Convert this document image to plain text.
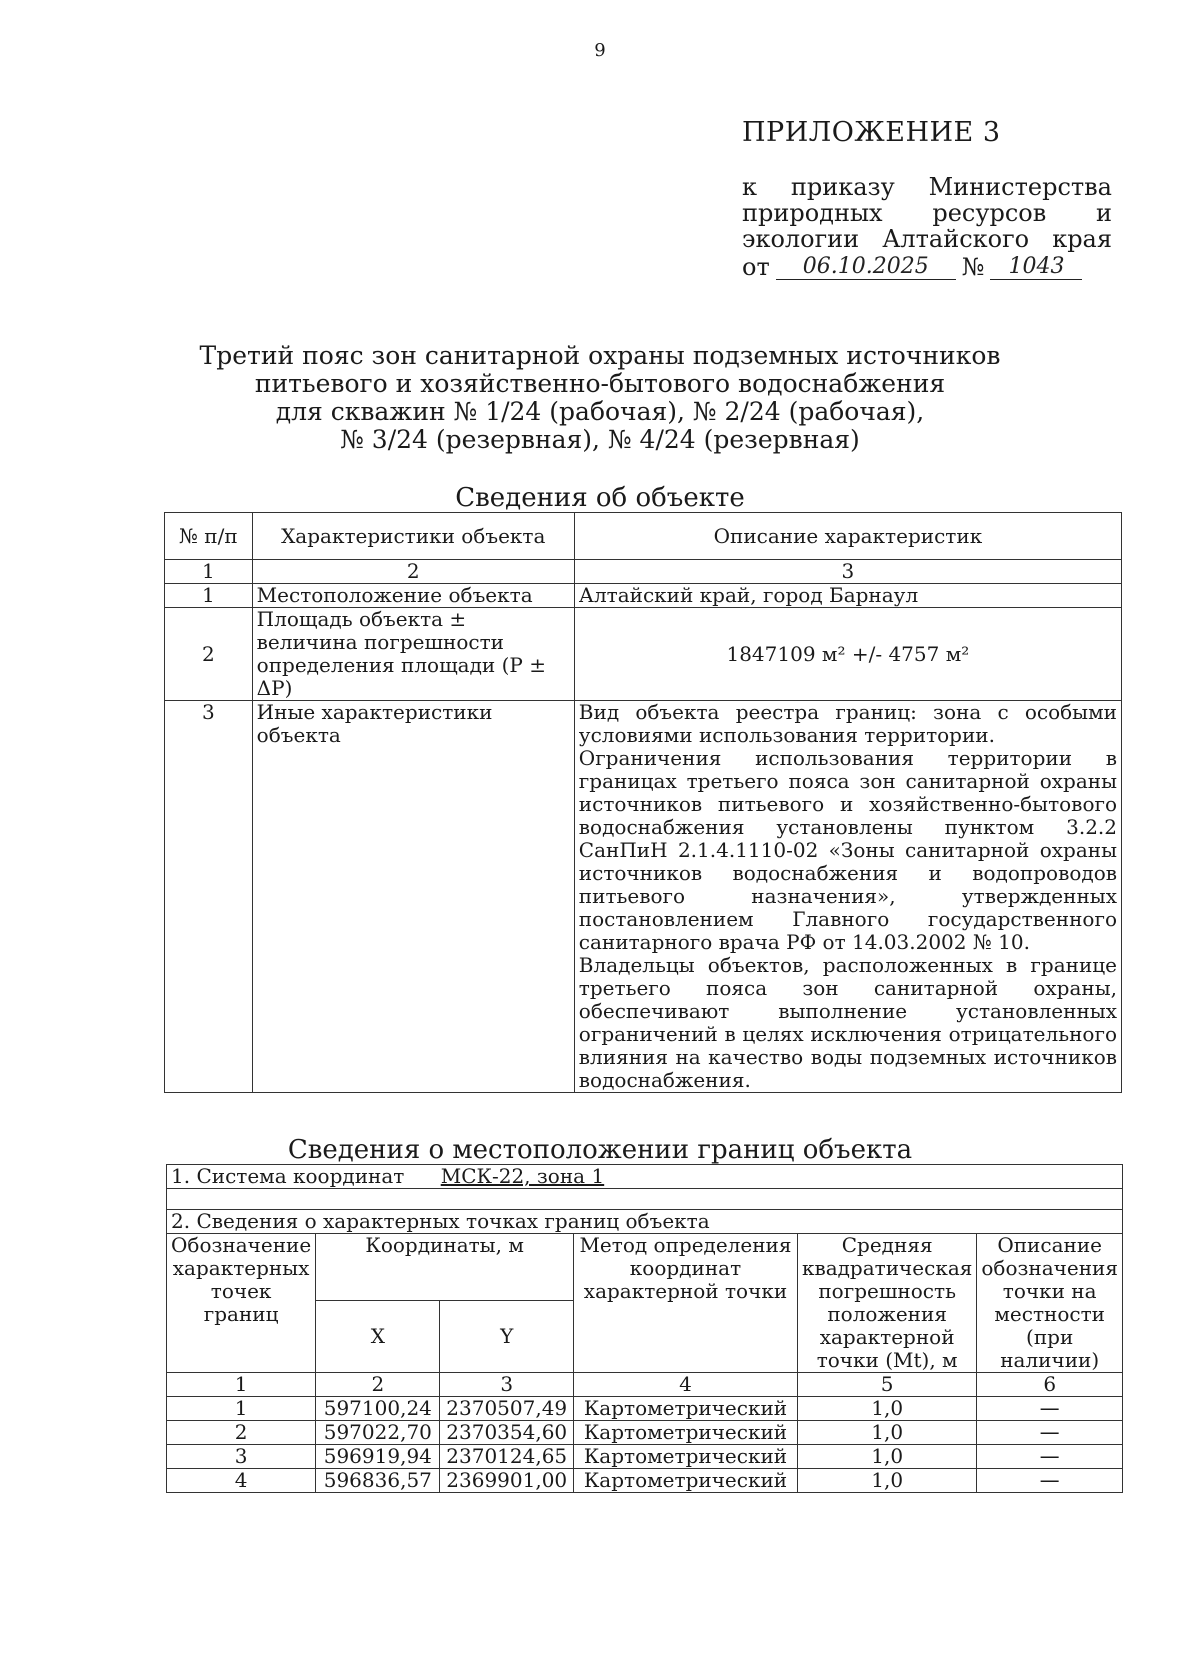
9
ПРИЛОЖЕНИЕ 3
к приказу Министерства природных ресурсов и экологии Алтайского края
от	06.10.2025	№	1043
Третий пояс зон санитарной охраны подземных источников
питьевого и хозяйственно-бытового водоснабжения
для скважин № 1/24 (рабочая), № 2/24 (рабочая),
№ 3/24 (резервная), № 4/24 (резервная)
Сведения об объекте
№ п/п	Характеристики объекта	Описание характеристик
1	2	3
1	Местоположение объекта	Алтайский край, город Барнаул
2	Площадь объекта ± величина погрешности определения площади (P ± ΔP)	1847109 м² +/- 4757 м²
3	Иные характеристики объекта	Вид объекта реестра границ: зона с особыми условиями использования территории.
Ограничения использования территории в границах третьего пояса зон санитарной охраны источников питьевого и хозяйственно-бытового водоснабжения установлены пунктом 3.2.2 СанПиН 2.1.4.1110-02 «Зоны санитарной охраны источников водоснабжения и водопроводов питьевого назначения», утвержденных постановлением Главного государственного санитарного врача РФ от 14.03.2002 № 10.
Владельцы объектов, расположенных в границе третьего пояса зон санитарной охраны, обеспечивают выполнение установленных ограничений в целях исключения отрицательного влияния на качество воды подземных источников водоснабжения.
Сведения о местоположении границ объекта
1. Система координат МСК-22, зона 1					

2. Сведения о характерных точках границ объекта					
Обозначение характерных точек границ	Координаты, м		Метод определения координат характерной точки	Средняя квадратическая погрешность положения характерной точки (Mt), м	Описание обозначения точки на местности (при наличии)
	X	Y			
1	2	3	4	5	6
1	597100,24	2370507,49	Картометрический	1,0	—
2	597022,70	2370354,60	Картометрический	1,0	—
3	596919,94	2370124,65	Картометрический	1,0	—
4	596836,57	2369901,00	Картометрический	1,0	—
